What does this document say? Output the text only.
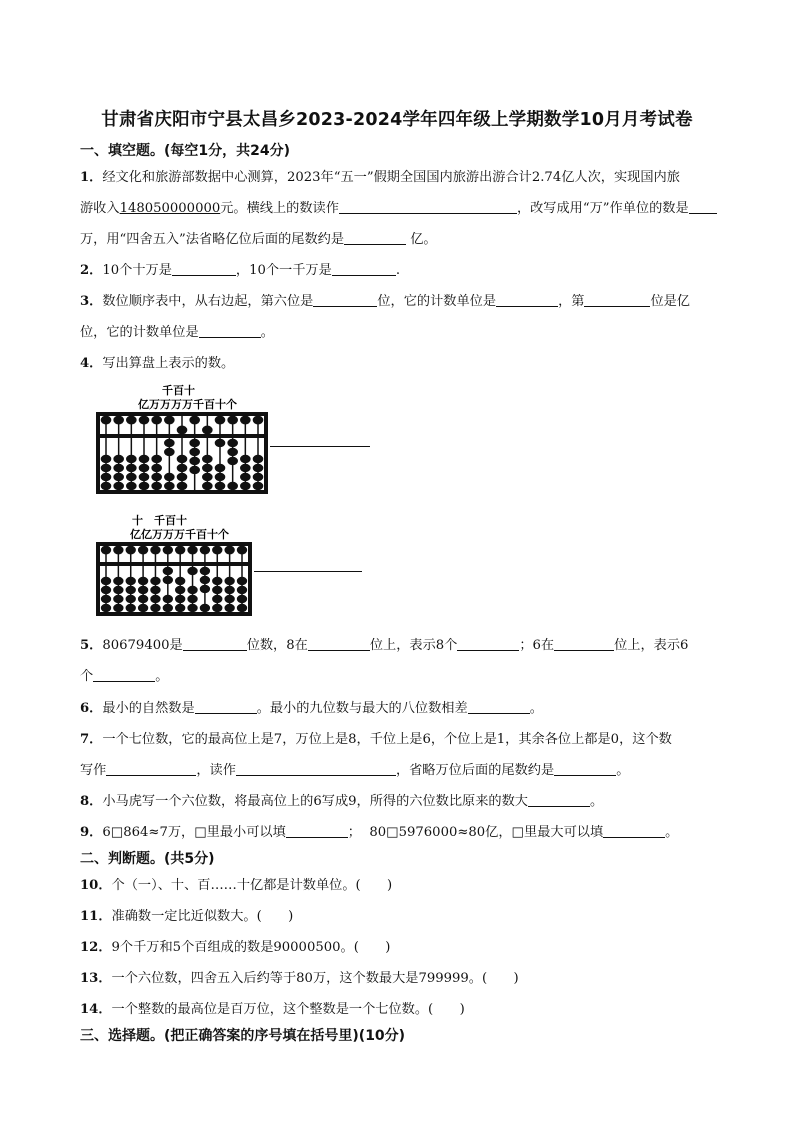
甘肃省庆阳市宁县太昌乡2023-2024学年四年级上学期数学10月月考试卷
一、填空题。(每空1分，共24分)
1．经文化和旅游部数据中心测算，2023年“五一”假期全国国内旅游出游合计2.74亿人次，实现国内旅
游收入148050000000元。横线上的数读作	，改写成用“万”作单位的数是
万，用“四舍五入”法省略亿位后面的尾数约是	亿。
2．10个十万是	，10个一千万是	.
3．数位顺序表中，从右边起，第六位是	位，它的计数单位是	，第	位是亿
位，它的计数单位是	。
4．写出算盘上表示的数。
千百十
亿万万万万千百十个
十　千百十
亿亿万万万千百十个
5．80679400是	位数，8在	位上，表示8个	；6在	位上，表示6
个	。
6．最小的自然数是	。最小的九位数与最大的八位数相差	。
7．一个七位数，它的最高位上是7，万位上是8，千位上是6，个位上是1，其余各位上都是0，这个数
写作	，读作	，省略万位后面的尾数约是	。
8．小马虎写一个六位数，将最高位上的6写成9，所得的六位数比原来的数大	。
9．6□864≈7万，□里最小可以填	； 80□5976000≈80亿，□里最大可以填	。
二、判断题。(共5分)
10．个（一）、十、百……十亿都是计数单位。(　　)
11．准确数一定比近似数大。(　　)
12．9个千万和5个百组成的数是90000500。(　　)
13．一个六位数，四舍五入后约等于80万，这个数最大是799999。(　　)
14．一个整数的最高位是百万位，这个整数是一个七位数。(　　)
三、选择题。(把正确答案的序号填在括号里)(10分)
